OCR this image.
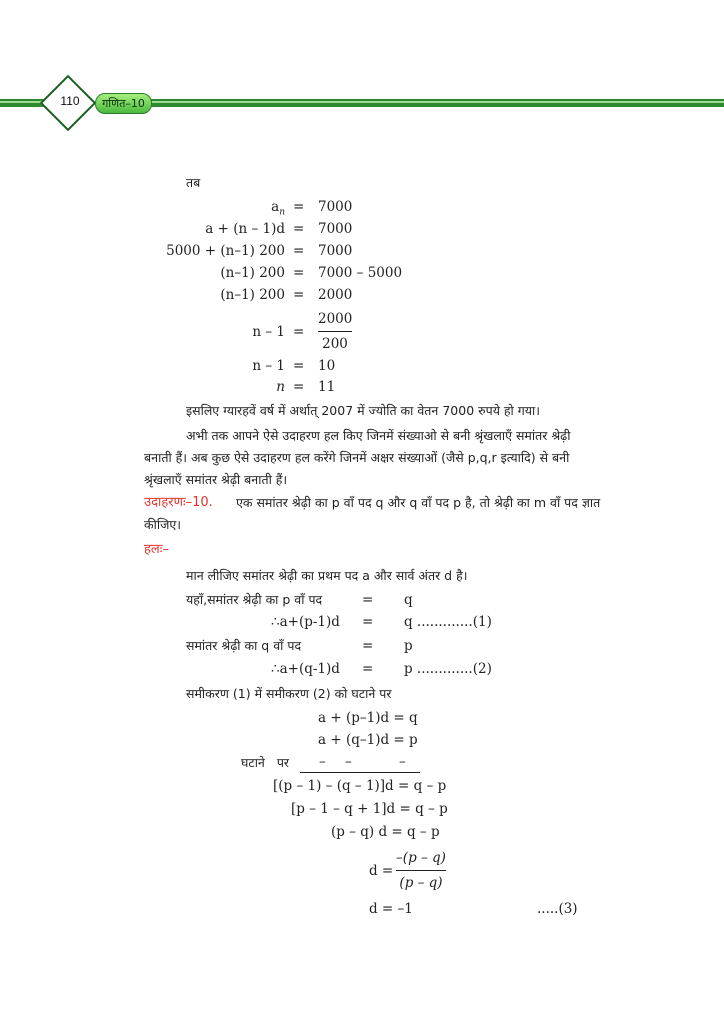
110	गणित–10
तब
$a_n = 7000$
a + (n – 1)d = 7000
5000 + (n–1) 200 = 7000
(n–1) 200 = 7000 – 5000
(n–1) 200 = 2000
n – 1 =
2000
200
n – 1 = 10
n = 11
इसलिए ग्यारहवें वर्ष में अर्थात् 2007 में ज्योति का वेतन 7000 रुपये हो गया।
अभी तक आपने ऐसे उदाहरण हल किए जिनमें संख्याओ से बनी श्रृंखलाएँ समांतर श्रेढ़ी
बनाती हैं। अब कुछ ऐसे उदाहरण हल करेंगे जिनमें अक्षर संख्याओं (जैसे p,q,r इत्यादि) से बनी
श्रृंखलाएँ समांतर श्रेढ़ी बनाती हैं।
उदाहरणः–10. एक समांतर श्रेढ़ी का p वाँ पद q और q वाँ पद p है, तो श्रेढ़ी का m वाँ पद ज्ञात
कीजिए।
हलः–
मान लीजिए समांतर श्रेढ़ी का प्रथम पद a और सार्व अंतर d है।
यहाँ,समांतर श्रेढ़ी का p वाँ पद	= q
∴a+(p-1)d = q .............(1)
समांतर श्रेढ़ी का q वाँ पद	= p
∴a+(q-1)d = p .............(2)
समीकरण (1) में समीकरण (2) को घटाने पर
a + (p–1)d = q
a + (q–1)d = p
घटाने पर – –	–
[(p – 1) – (q – 1)]d = q – p
[p – 1 – q + 1]d = q – p
(p – q) d = q – p
d =
–(p – q)
(p – q)
d = –1	.....(3)
